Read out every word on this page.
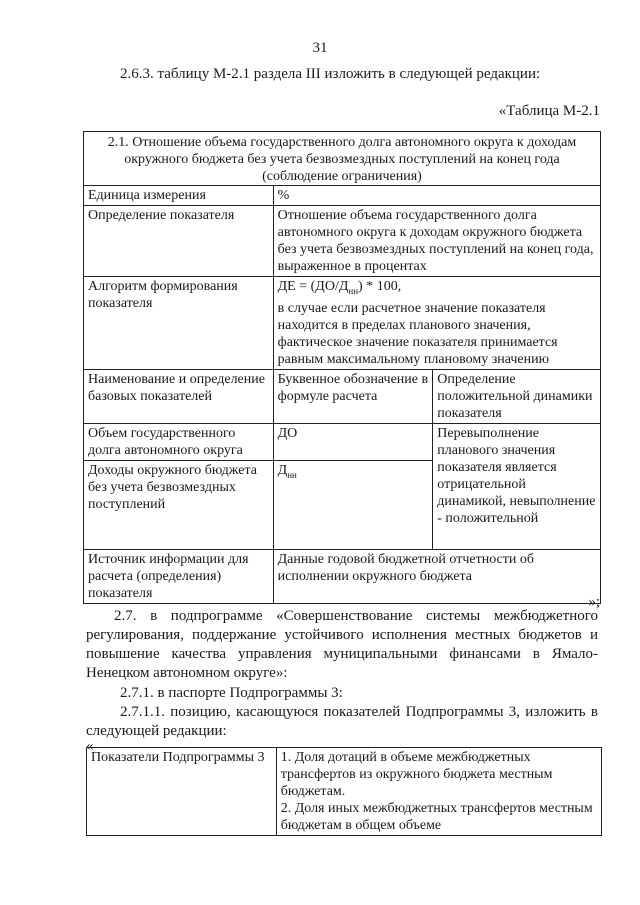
31
2.6.3. таблицу М-2.1 раздела III изложить в следующей редакции:
«Таблица М-2.1
2.1. Отношение объема государственного долга автономного округа к доходам окружного бюджета без учета безвозмездных поступлений на конец года (соблюдение ограничения)		
Единица измерения	%	
Определение показателя	Отношение объема государственного долга автономного округа к доходам окружного бюджета без учета безвозмездных поступлений на конец года, выраженное в процентах	
Алгоритм формирования показателя	ДЕ = $(ДО/Д_{нн}) * 100$,
в случае если расчетное значение показателя находится в пределах планового значения, фактическое значение показателя принимается равным максимальному плановому значению	

Наименование и определение базовых показателей	Буквенное обозначение в формуле расчета	Определение положительной динамики показателя
Объем государственного долга автономного округа	ДО	Перевыполнение планового значения показателя является отрицательной динамикой, невыполнение - положительной
Доходы окружного бюджета без учета безвозмездных поступлений	$Д_{нн}$
Источник информации для расчета (определения) показателя	Данные годовой бюджетной отчетности об исполнении окружного бюджета	
»;
2.7. в подпрограмме «Совершенствование системы межбюджетного регулирования, поддержание устойчивого исполнения местных бюджетов и повышение качества управления муниципальными финансами в Ямало-Ненецком автономном округе»:
2.7.1. в паспорте Подпрограммы 3:
2.7.1.1. позицию, касающуюся показателей Подпрограммы 3, изложить в следующей редакции:
«
Показатели Подпрограммы 3	1. Доля дотаций в объеме межбюджетных трансфертов из окружного бюджета местным бюджетам.
2. Доля иных межбюджетных трансфертов местным бюджетам в общем объеме
